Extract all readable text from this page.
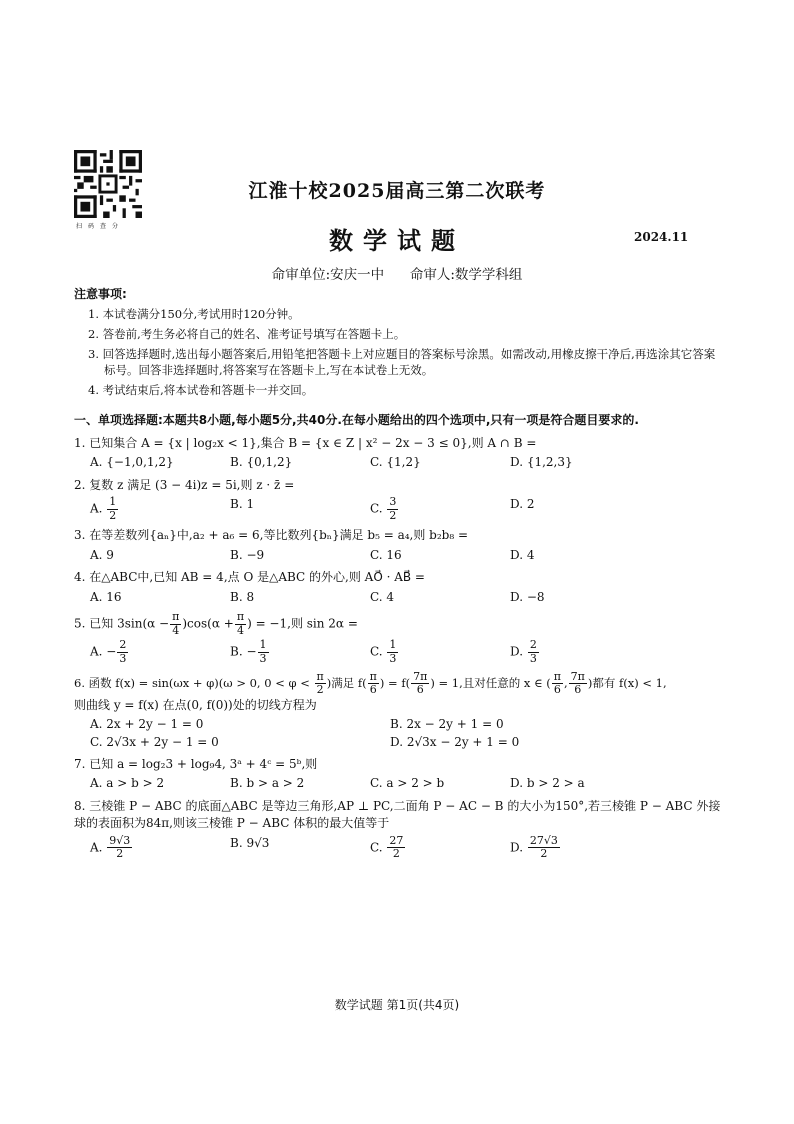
扫码查分
江淮十校2025届高三第二次联考
数学试题	2024.11
命审单位:安庆一中      命审人:数学学科组
注意事项:
1. 本试卷满分150分,考试用时120分钟。
2. 答卷前,考生务必将自己的姓名、准考证号填写在答题卡上。
3. 回答选择题时,选出每小题答案后,用铅笔把答题卡上对应题目的答案标号涂黑。如需改动,用橡皮擦干净后,再选涂其它答案标号。回答非选择题时,将答案写在答题卡上,写在本试卷上无效。
4. 考试结束后,将本试卷和答题卡一并交回。
一、单项选择题:本题共8小题,每小题5分,共40分.在每小题给出的四个选项中,只有一项是符合题目要求的.
1. 已知集合 A = {x | log₂x < 1},集合 B = {x ∈ Z | x² − 2x − 3 ≤ 0},则 A ∩ B =
A. {−1,0,1,2}	B. {0,1,2}	C. {1,2}	D. {1,2,3}
2. 复数 z 满足 (3 − 4i)z = 5i,则 z · z̄ =
A. $\frac{1}{2}$	B. 1	C. $\frac{3}{2}$	D. 2
3. 在等差数列{aₙ}中,a₂ + a₆ = 6,等比数列{bₙ}满足 b₅ = a₄,则 b₂b₈ =
A. 9	B. −9	C. 16	D. 4
4. 在△ABC中,已知 AB = 4,点 O 是△ABC 的外心,则 AO⃗ · AB⃗ =
A. 16	B. 8	C. 4	D. −8
5. 已知 $3\sin(\alpha - \frac{\pi}{4} )\cos(\alpha + \frac{\pi}{4}$ ) = −1,则 sin 2α =
A. − $\frac{2}{3}$	B. − $\frac{1}{3}$	C. $\frac{1}{3}$	D. $\frac{2}{3}$
6. 函数 f(x) = sin(ωx + φ)(ω > 0, $0 < \varphi < \frac{\pi}{2}$ )满足 $f( \frac{\pi}{6}$ ) = $f( \frac{7\pi}{6}$ ) = 1,且对任意的 x ∈ ( $\frac{\pi}{6}$ , $\frac{7\pi}{6}$ )都有 f(x) < 1,
则曲线 y = f(x) 在点(0, f(0))处的切线方程为
A. 2x + 2y − 1 = 0	B. 2x − 2y + 1 = 0
C. 2√3x + 2y − 1 = 0	D. 2√3x − 2y + 1 = 0
7. 已知 a = log₂3 + log₉4, 3ᵃ + 4ᶜ = 5ᵇ,则
A. a > b > 2	B. b > a > 2	C. a > 2 > b	D. b > 2 > a
8. 三棱锥 P − ABC 的底面△ABC 是等边三角形,AP ⊥ PC,二面角 P − AC − B 的大小为150°,若三棱锥 P − ABC 外接球的表面积为84π,则该三棱锥 P − ABC 体积的最大值等于
A. $\frac{9√3}{2}$	B. 9√3	C. $\frac{27}{2}$	D. $\frac{27√3}{2}$
数学试题 第1页(共4页)
